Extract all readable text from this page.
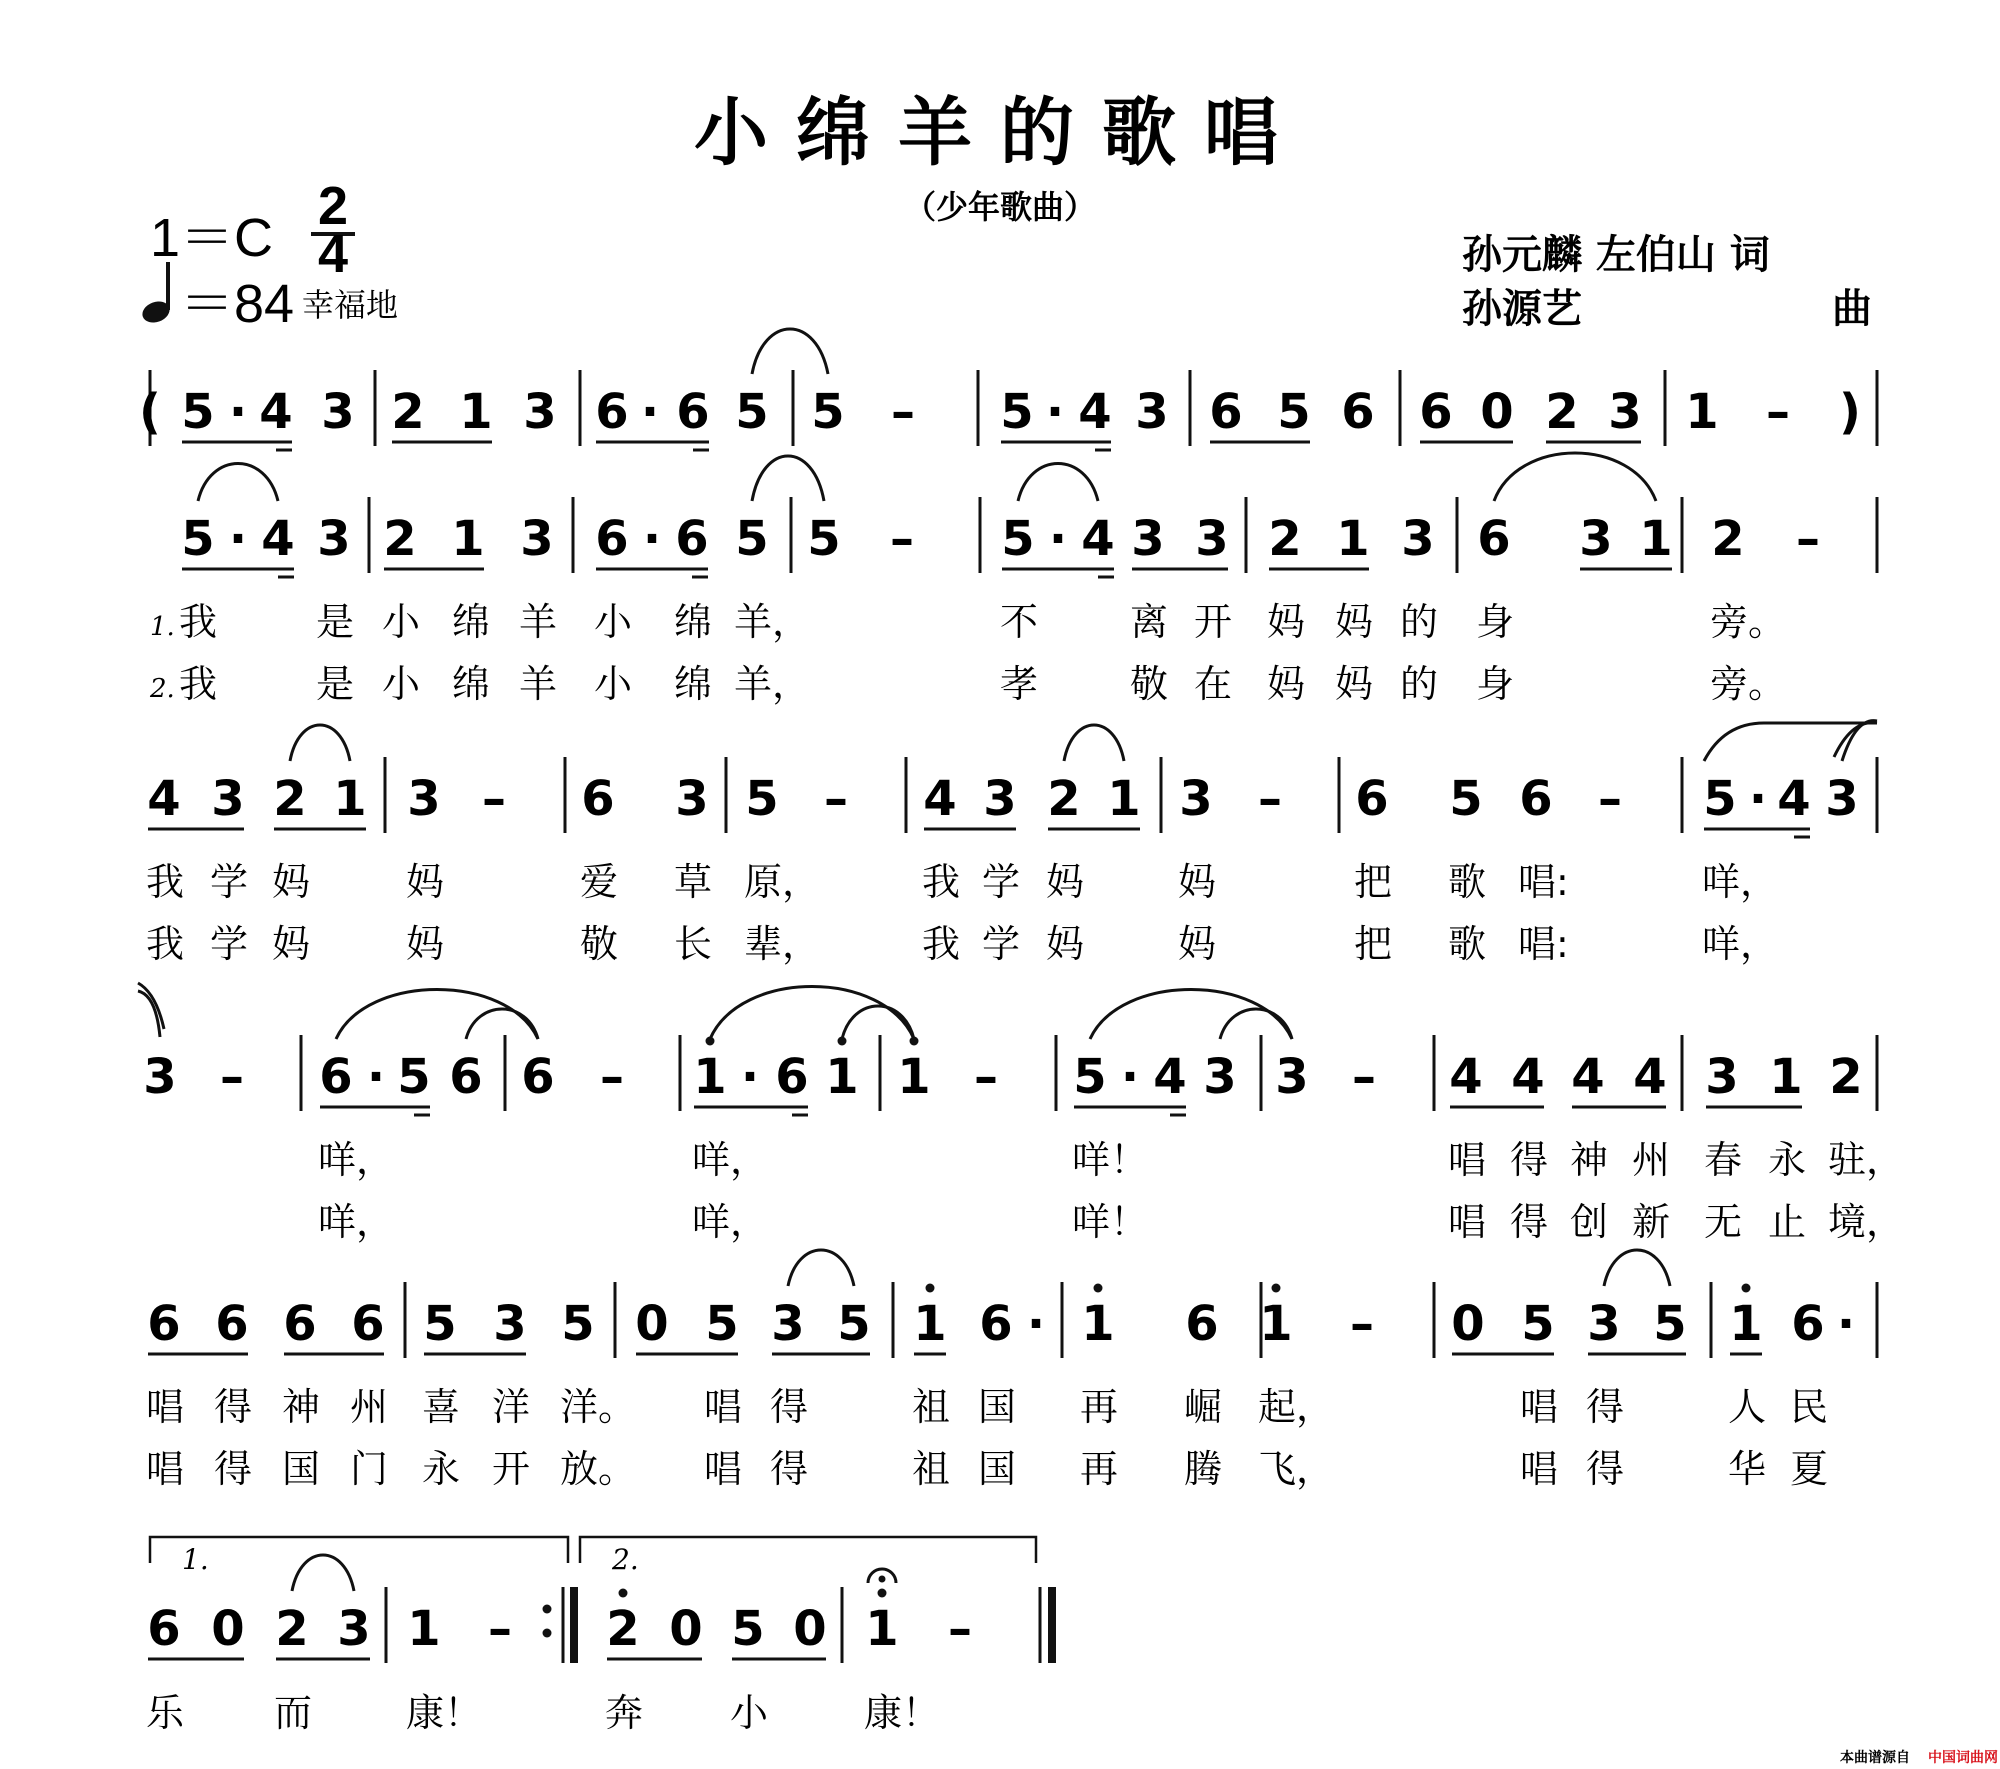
小绵羊的歌唱
（少年歌曲）
1＝C
2
4
＝84 幸福地
孙元麟 左伯山 词
孙源艺	曲
( 5 · 4 3 2 1 3 6 · 6 5 5 – 5 · 4 3 6 5 6 6 0 2 3 1 – )
5 · 4 3 2 1 3 6 · 6 5 5 – 5 · 4 3 3 2 1 3 6 3 1 2 –
1. 我	是 小 绵 羊 小 绵 羊，	不 离 开 妈 妈 的 身	旁。
2. 我	是 小 绵 羊 小 绵 羊，	孝 敬 在 妈 妈 的 身	旁。
4 3 2 1 3 – 6 3 5 – 4 3 2 1 3 – 6 5 6 – 5 · 4 3
我 学 妈	妈	爱 草 原，	我 学 妈 妈	把 歌 唱:	咩，
我 学 妈	妈	敬 长 辈，	我 学 妈 妈	把 歌 唱:	咩，
3 – 6 · 5 6 6 – 1 · 6 1 1 – 5 · 4 3 3 – 4 4 4 4 3 1 2
咩，	咩，	咩！	唱 得 神 州 春 永 驻，
咩，	咩，	咩！	唱 得 创 新 无 止 境，
6 6 6 6 5 3 5 0 5 3 5 1 6 · 1 6 1 – 0 5 3 5 1 6 ·
唱 得 神 州 喜 洋 洋。 唱 得	祖 国 再 崛 起，	唱 得	人 民
唱 得 国 门 永 开 放。 唱 得	祖 国 再 腾 飞，	唱 得	华 夏
6 0 2 3 1 – 2 0 5 0 1 –
1.	2.
乐 而 康！	奔 小	康！
本曲谱源自 中国词曲网
